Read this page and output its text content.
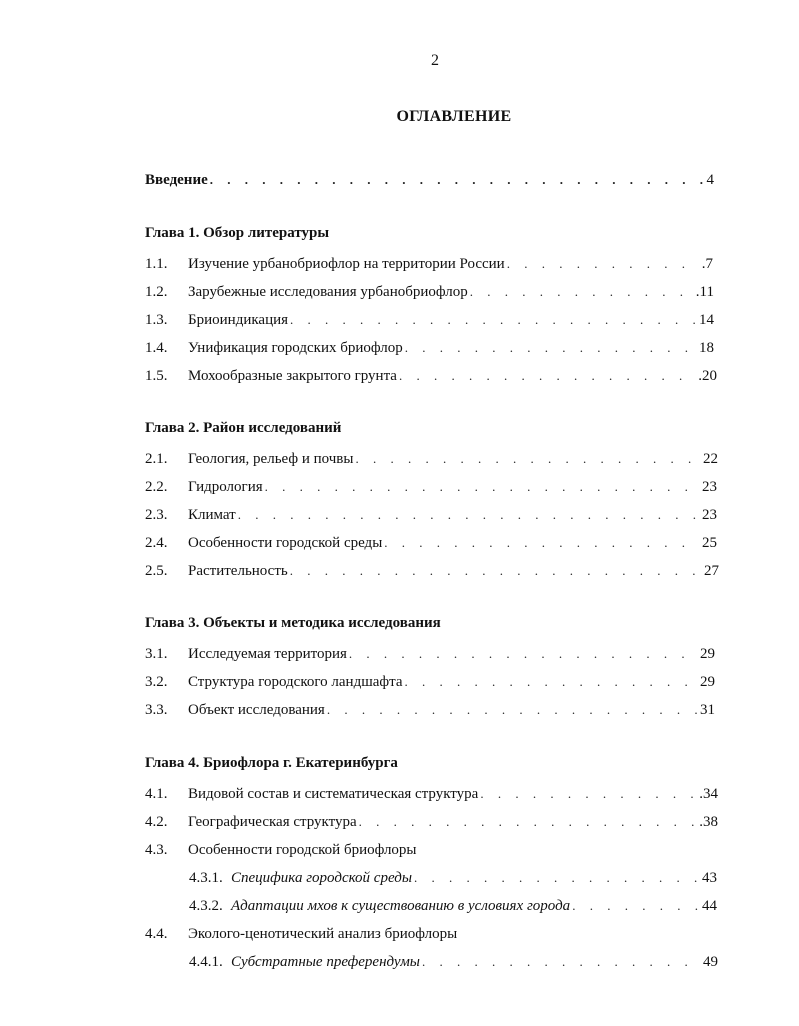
2
ОГЛАВЛЕНИЕ
Введение . . .	4
Глава 1. Обзор литературы
1.1.	Изучение урбанобриофлор на территории России . . .	.7
1.2.	Зарубежные исследования урбанобриофлор . . .	.11
1.3.	Бриоиндикация . . .	14
1.4.	Унификация городских бриофлор . . .	18
1.5.	Мохообразные закрытого грунта . . .	.20
Глава 2. Район исследований
2.1.	Геология, рельеф и почвы . . .	22
2.2.	Гидрология . . .	23
2.3.	Климат . . .	23
2.4.	Особенности городской среды . . .	25
2.5.	Растительность . . .	27
Глава 3. Объекты и методика исследования
3.1.	Исследуемая территория . . .	29
3.2.	Структура городского ландшафта . . .	29
3.3.	Объект исследования . . .	31
Глава 4. Бриофлора г. Екатеринбурга
4.1.	Видовой состав и систематическая структура . . .	.34
4.2.	Географическая структура . . .	.38
4.3.	Особенности городской бриофлоры
4.3.1. Специфика городской среды . . .	43
4.3.2. Адаптации мхов к существованию в условиях города . . .	44
4.4.	Эколого-ценотический анализ бриофлоры
4.4.1. Субстратные преферендумы . . .	49
